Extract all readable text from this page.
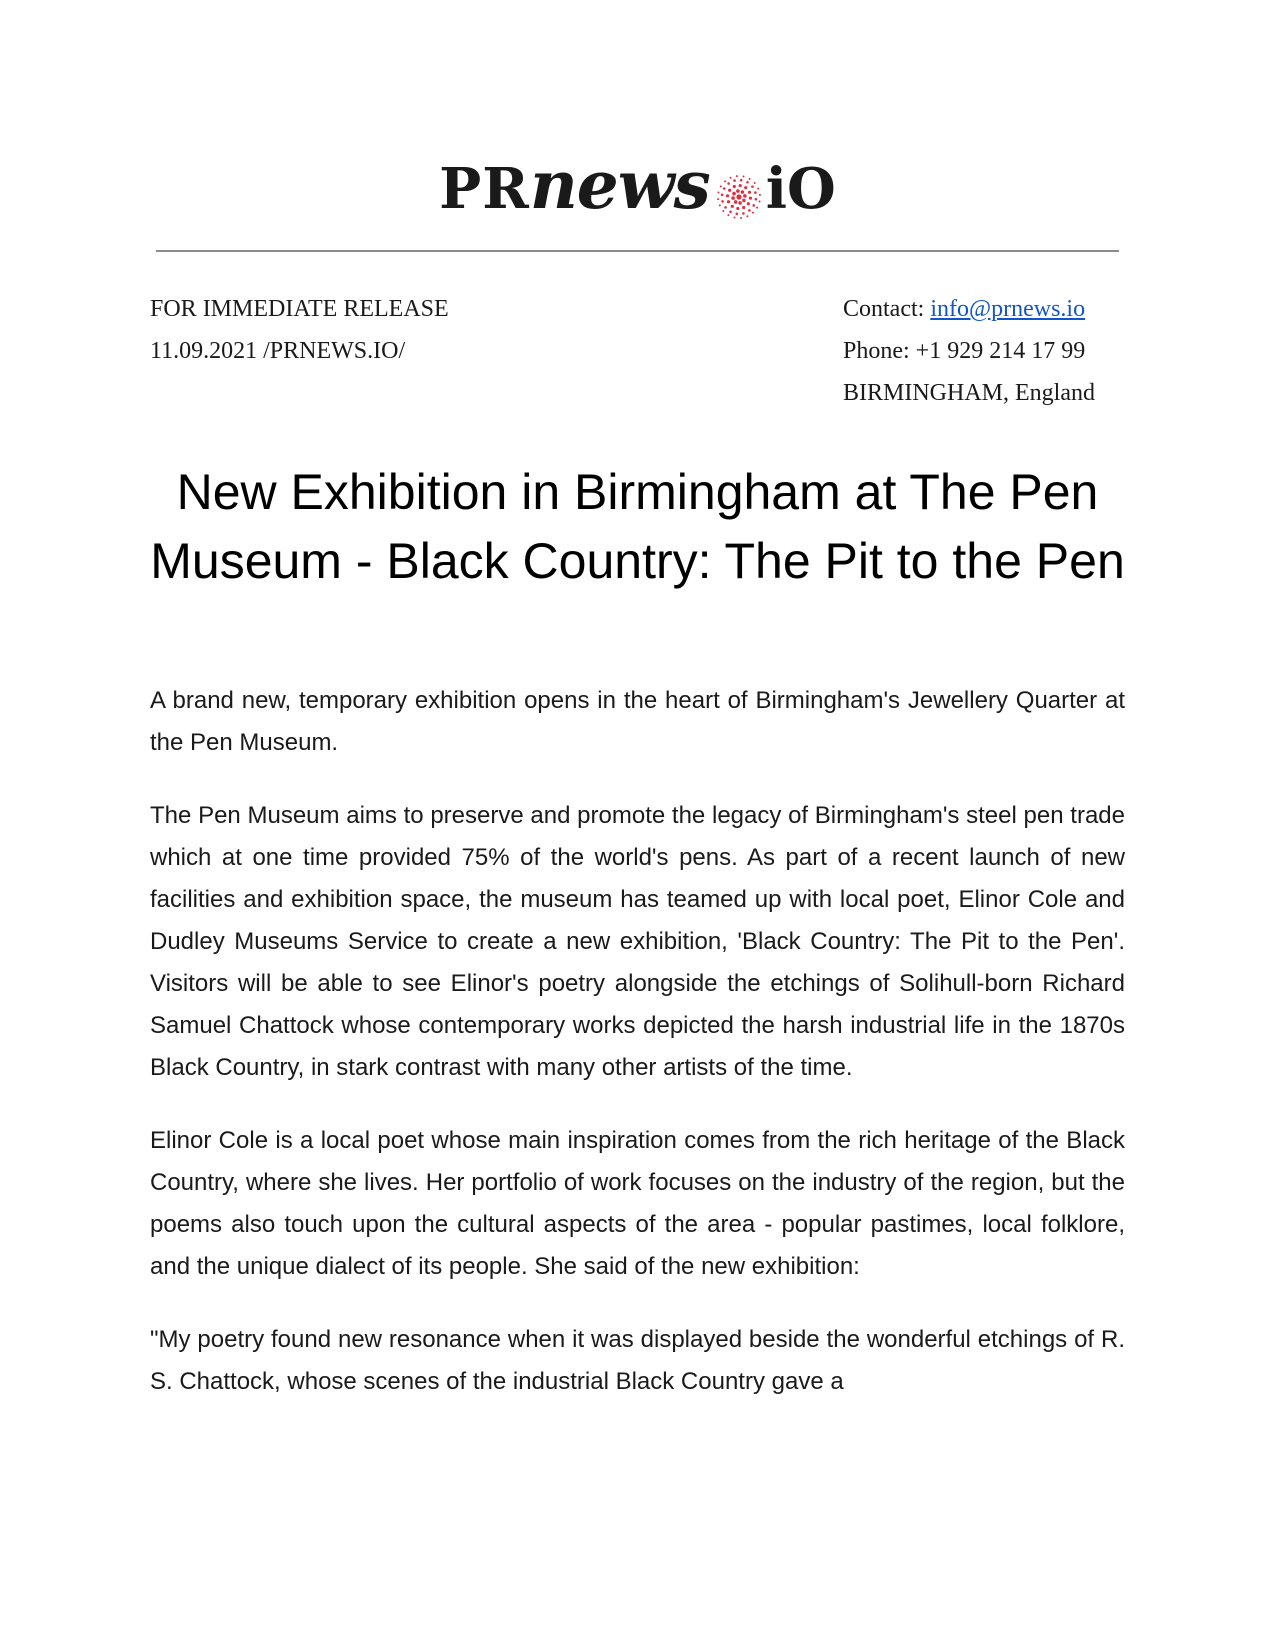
PRnews iO
FOR IMMEDIATE RELEASE
11.09.2021 /PRNEWS.IO/
Contact: info@prnews.io
Phone: +1 929 214 17 99
BIRMINGHAM, England
New Exhibition in Birmingham at The Pen Museum - Black Country: The Pit to the Pen

A brand new, temporary exhibition opens in the heart of Birmingham's Jewellery Quarter at the Pen Museum.

The Pen Museum aims to preserve and promote the legacy of Birmingham's steel pen trade which at one time provided 75% of the world's pens. As part of a recent launch of new facilities and exhibition space, the museum has teamed up with local poet, Elinor Cole and Dudley Museums Service to create a new exhibition, 'Black Country: The Pit to the Pen'. Visitors will be able to see Elinor's poetry alongside the etchings of Solihull-born Richard Samuel Chattock whose contemporary works depicted the harsh industrial life in the 1870s Black Country, in stark contrast with many other artists of the time.

Elinor Cole is a local poet whose main inspiration comes from the rich heritage of the Black Country, where she lives. Her portfolio of work focuses on the industry of the region, but the poems also touch upon the cultural aspects of the area - popular pastimes, local folklore, and the unique dialect of its people. She said of the new exhibition:

"My poetry found new resonance when it was displayed beside the wonderful etchings of R. S. Chattock, whose scenes of the industrial Black Country gave a
